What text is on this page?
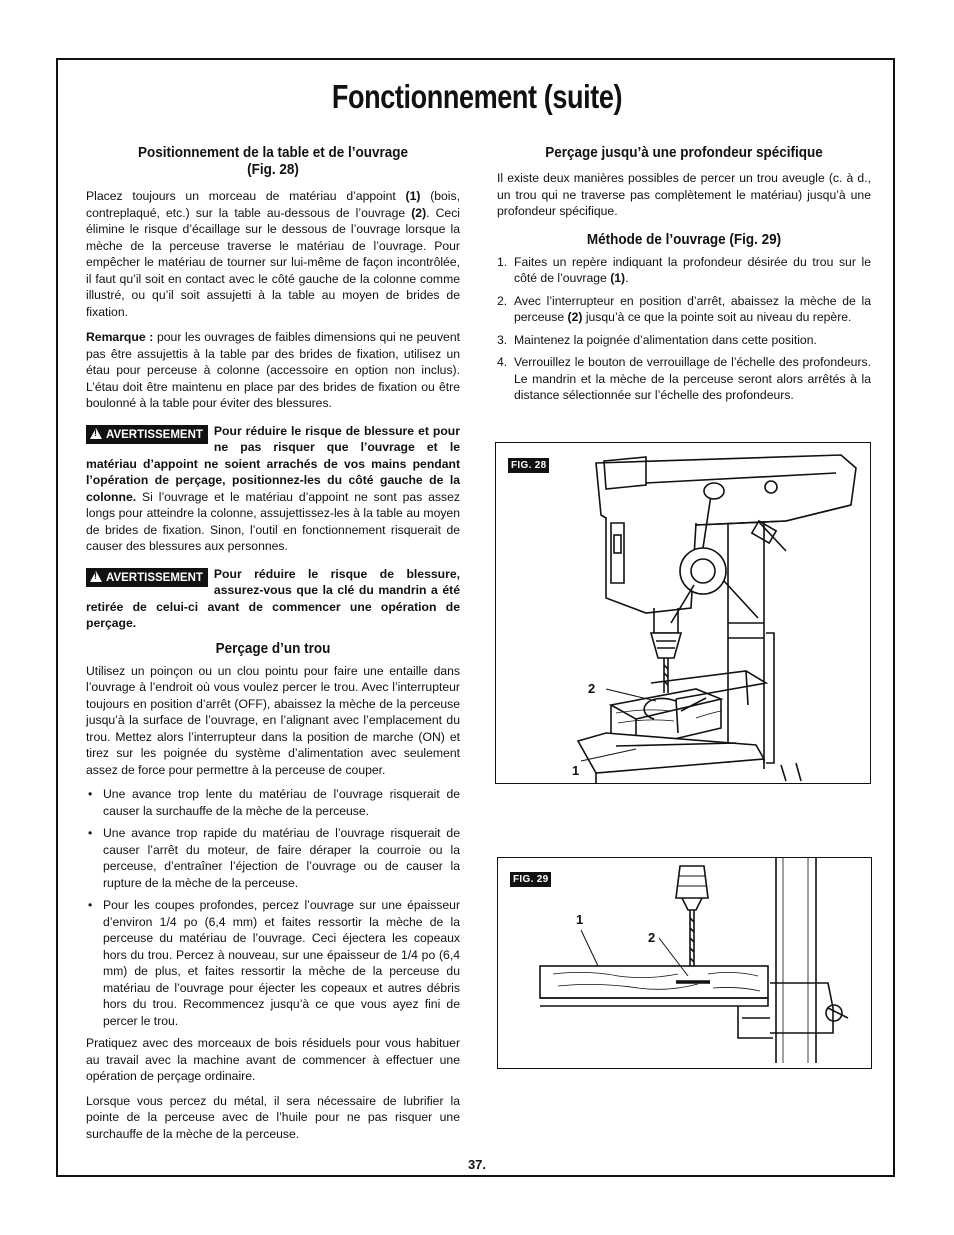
Fonctionnement (suite)
Positionnement de la table et de l’ouvrage
(Fig. 28)

Placez toujours un morceau de matériau d’appoint (1) (bois, contreplaqué, etc.) sur la table au-dessous de l’ouvrage (2). Ceci élimine le risque d’écaillage sur le dessous de l’ouvrage lorsque la mèche de la perceuse traverse le matériau de l’ouvrage. Pour empêcher le matériau de tourner sur lui-même de façon incontrôlée, il faut qu’il soit en contact avec le côté gauche de la colonne comme illustré, ou qu’il soit assujetti à la table au moyen de brides de fixation.

Remarque : pour les ouvrages de faibles dimensions qui ne peuvent pas être assujettis à la table par des brides de fixation, utilisez un étau pour perceuse à colonne (accessoire en option non inclus). L’étau doit être maintenu en place par des brides de fixation ou être boulonné à la table pour éviter des blessures.

!AVERTISSEMENT Pour réduire le risque de blessure et pour ne pas risquer que l’ouvrage et le matériau d’appoint ne soient arrachés de vos mains pendant l’opération de perçage, positionnez-les du côté gauche de la colonne. Si l’ouvrage et le matériau d’appoint ne sont pas assez longs pour atteindre la colonne, assujettissez-les à la table au moyen de brides de fixation. Sinon, l’outil en fonctionnement risquerait de causer des blessures aux personnes.
!AVERTISSEMENT Pour réduire le risque de blessure, assurez-vous que la clé du mandrin a été retirée de celui-ci avant de commencer une opération de perçage.
Perçage d’un trou

Utilisez un poinçon ou un clou pointu pour faire une entaille dans l’ouvrage à l’endroit où vous voulez percer le trou. Avec l’interrupteur toujours en position d’arrêt (OFF), abaissez la mèche de la perceuse jusqu’à la surface de l’ouvrage, en l’alignant avec l’emplacement du trou. Mettez alors l’interrupteur dans la position de marche (ON) et tirez sur les poignée du système d’alimentation avec seulement assez de force pour permettre à la perceuse de couper.

• Une avance trop lente du matériau de l’ouvrage risquerait de causer la surchauffe de la mèche de la perceuse.
• Une avance trop rapide du matériau de l’ouvrage risquerait de causer l’arrêt du moteur, de faire déraper la courroie ou la perceuse, d’entraîner l’éjection de l’ouvrage ou de causer la rupture de la mèche de la perceuse.
• Pour les coupes profondes, percez l’ouvrage sur une épaisseur d’environ 1/4 po (6,4 mm) et faites ressortir la mèche de la perceuse du matériau de l’ouvrage. Ceci éjectera les copeaux hors du trou. Percez à nouveau, sur une épaisseur de 1/4 po (6,4 mm) de plus, et faites ressortir la mèche de la perceuse du matériau de l’ouvrage pour éjecter les copeaux et autres débris hors du trou. Recommencez jusqu’à ce que vous ayez fini de percer le trou.

Pratiquez avec des morceaux de bois résiduels pour vous habituer au travail avec la machine avant de commencer à effectuer une opération de perçage ordinaire.

Lorsque vous percez du métal, il sera nécessaire de lubrifier la pointe de la perceuse avec de l’huile pour ne pas risquer une surchauffe de la mèche de la perceuse.

Perçage jusqu’à une profondeur spécifique

Il existe deux manières possibles de percer un trou aveugle (c. à d., un trou qui ne traverse pas complètement le matériau) jusqu’à une profondeur spécifique.

Méthode de l’ouvrage (Fig. 29)
1. Faites un repère indiquant la profondeur désirée du trou sur le côté de l’ouvrage (1).
2. Avec l’interrupteur en position d’arrêt, abaissez la mèche de la perceuse (2) jusqu’à ce que la pointe soit au niveau du repère.
3. Maintenez la poignée d’alimentation dans cette position.
4. Verrouillez le bouton de verrouillage de l’échelle des profondeurs. Le mandrin et la mèche de la perceuse seront alors arrêtés à la distance sélectionnée sur l’échelle des profondeurs.
FIG. 28
2
1
FIG. 29
1
2
37.
